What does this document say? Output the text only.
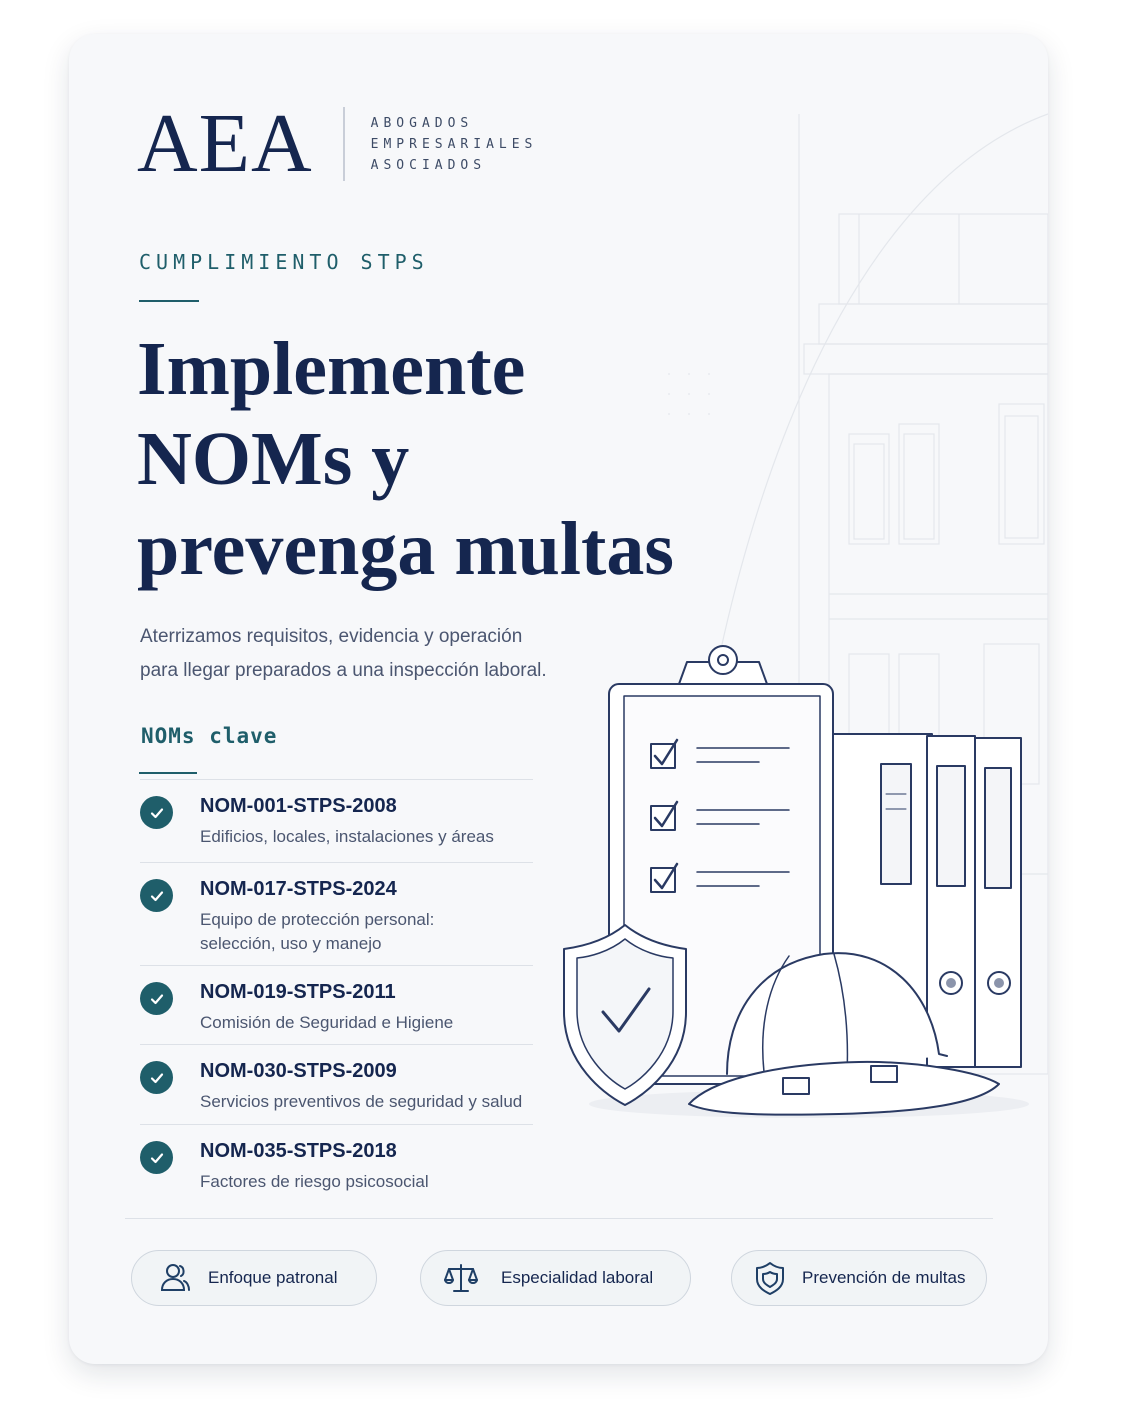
AEA	ABOGADOS
EMPRESARIALES
ASOCIADOS
CUMPLIMIENTO STPS
Implemente
NOMs y
prevenga multas
Aterrizamos requisitos, evidencia y operación
para llegar preparados a una inspección laboral.
NOMs clave
NOM-001-STPS-2008
Edificios, locales, instalaciones y áreas
NOM-017-STPS-2024
Equipo de protección personal:
selección, uso y manejo
NOM-019-STPS-2011
Comisión de Seguridad e Higiene
NOM-030-STPS-2009
Servicios preventivos de seguridad y salud
NOM-035-STPS-2018
Factores de riesgo psicosocial
Enfoque patronal	Especialidad laboral	Prevención de multas
